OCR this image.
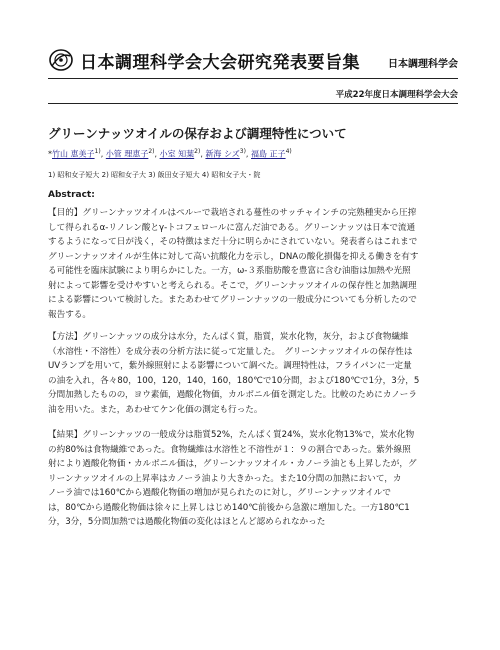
日本調理科学会大会研究発表要旨集	日本調理科学会
平成22年度日本調理科学会大会
グリーンナッツオイルの保存および調理特性について
*竹山 恵美子$^{1)}$, 小管 理恵子$^{2)}$, 小室 知葉$^{2)}$, 新海 シズ$^{3)}$, 福島 正子$^{4)}$
1) 昭和女子短大 2) 昭和女子大 3) 飯田女子短大 4) 昭和女子大・院
Abstract:
【目的】グリーンナッツオイルはペルーで栽培される蔓性のサッチャインチの完熟種実から圧搾
して得られるα-リノレン酸とγ-トコフェロールに富んだ油である。グリーンナッツは日本で流通
するようになって日が浅く，その特徴はまだ十分に明らかにされていない。発表者らはこれまで
グリーンナッツオイルが生体に対して高い抗酸化力を示し，DNAの酸化損傷を抑える働きを有す
る可能性を臨床試験により明らかにした。一方，ω-３系脂肪酸を豊富に含む油脂は加熱や光照
射によって影響を受けやすいと考えられる。そこで，グリーンナッツオイルの保存性と加熱調理
による影響について検討した。またあわせてグリーンナッツの一般成分についても分析したので
報告する。
【方法】グリーンナッツの成分は水分，たんぱく質，脂質，炭水化物，灰分，および食物繊維
（水溶性・不溶性）を成分表の分析方法に従って定量した。　グリーンナッツオイルの保存性は
UVランプを用いて，紫外線照射による影響について調べた。調理特性は，フライパンに一定量
の油を入れ，各々80，100，120，140，160，180℃で10分間，および180℃で1分，3分，5
分間加熱したものの，ヨウ素価，過酸化物価，カルボニル価を測定した。比較のためにカノーラ
油を用いた。また，あわせてケン化価の測定も行った。
【結果】グリーンナッツの一般成分は脂質52%，たんぱく質24%，炭水化物13%で，炭水化物
の約80%は食物繊維であった。食物繊維は水溶性と不溶性が１：９の割合であった。紫外線照
射により過酸化物価・カルボニル価は，グリーンナッツオイル・カノーラ油とも上昇したが，グ
リーンナッツオイルの上昇率はカノーラ油より大きかった。また10分間の加熱において，カ
ノーラ油では160℃から過酸化物価の増加が見られたのに対し，グリーンナッツオイルで
は，80℃から過酸化物価は徐々に上昇しはじめ140℃前後から急激に増加した。一方180℃1
分，3分，5分間加熱では過酸化物価の変化はほとんど認められなかった
